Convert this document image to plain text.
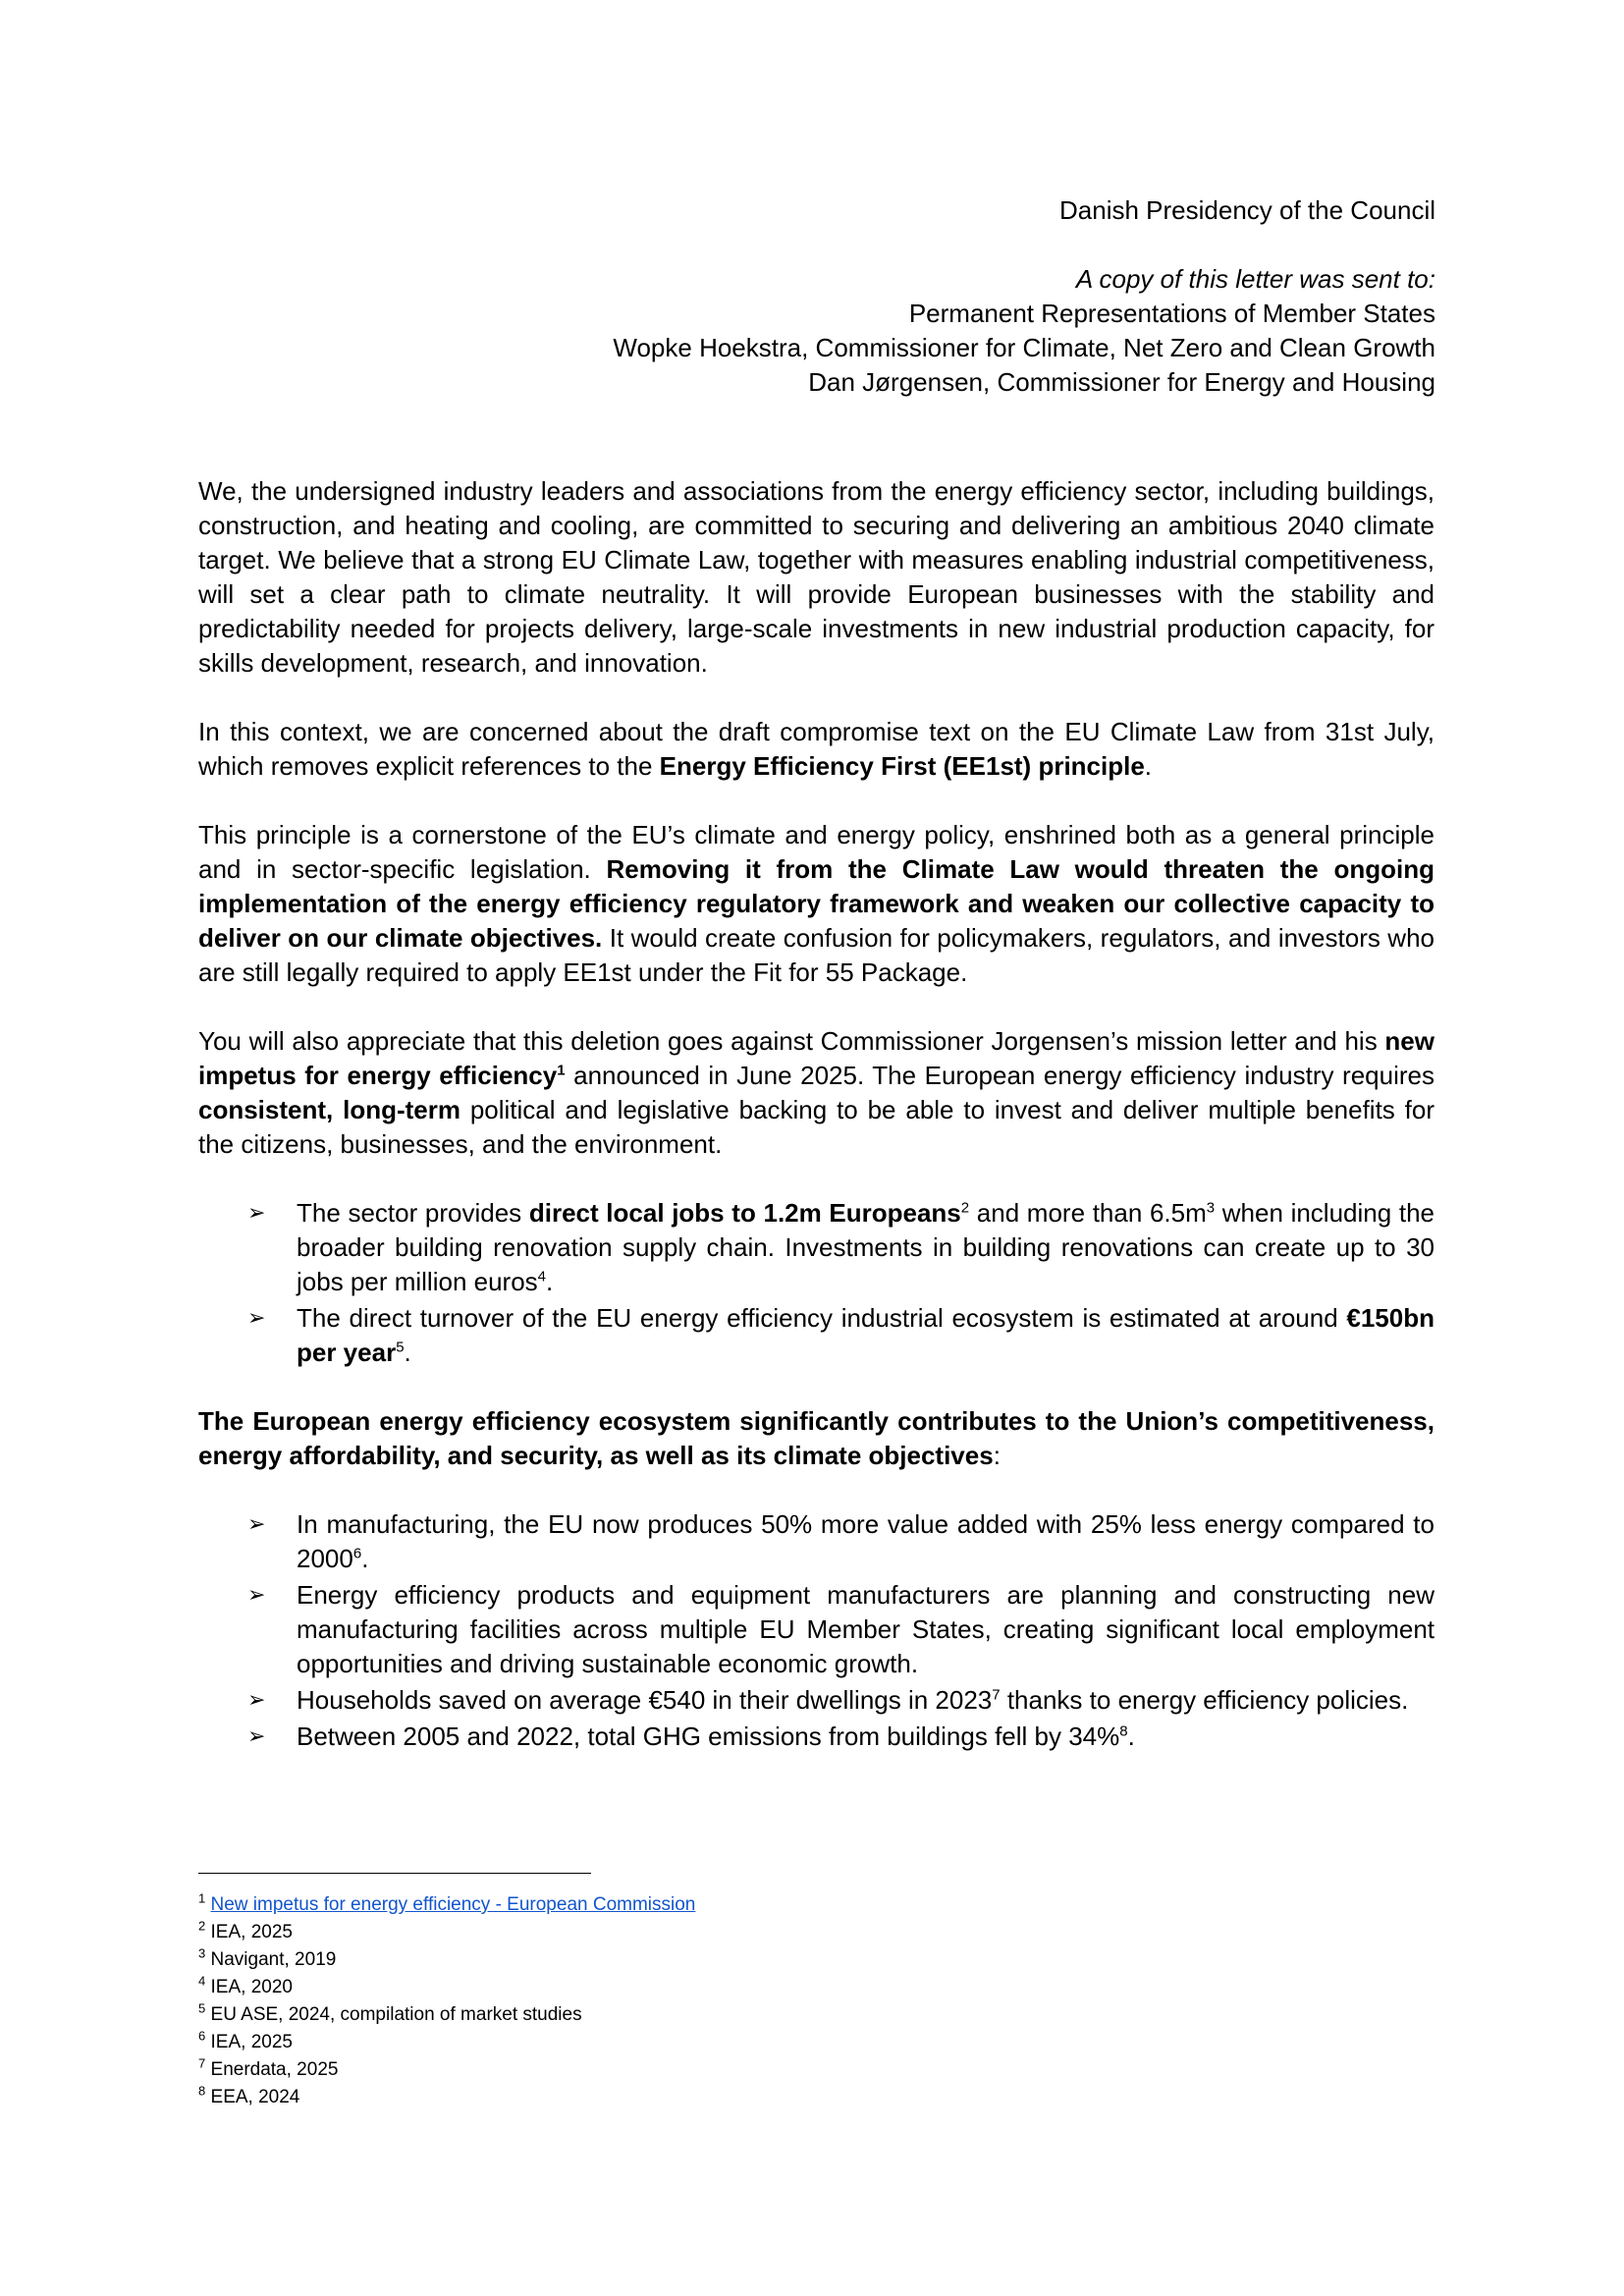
Danish Presidency of the Council

A copy of this letter was sent to:

Permanent Representations of Member States

Wopke Hoekstra, Commissioner for Climate, Net Zero and Clean Growth

Dan Jørgensen, Commissioner for Energy and Housing

We, the undersigned industry leaders and associations from the energy efficiency sector, including buildings, construction, and heating and cooling, are committed to securing and delivering an ambitious 2040 climate target. We believe that a strong EU Climate Law, together with measures enabling industrial competitiveness, will set a clear path to climate neutrality. It will provide European businesses with the stability and predictability needed for projects delivery, large-scale investments in new industrial production capacity, for skills development, research, and innovation.

In this context, we are concerned about the draft compromise text on the EU Climate Law from 31st July, which removes explicit references to the Energy Efficiency First (EE1st) principle.

This principle is a cornerstone of the EU’s climate and energy policy, enshrined both as a general principle and in sector-specific legislation. Removing it from the Climate Law would threaten the ongoing implementation of the energy efficiency regulatory framework and weaken our collective capacity to deliver on our climate objectives. It would create confusion for policymakers, regulators, and investors who are still legally required to apply EE1st under the Fit for 55 Package.

You will also appreciate that this deletion goes against Commissioner Jorgensen’s mission letter and his new impetus for energy efficiency$^1$ announced in June 2025. The European energy efficiency industry requires consistent, long-term political and legislative backing to be able to invest and deliver multiple benefits for the citizens, businesses, and the environment.

➢ The sector provides direct local jobs to 1.2m Europeans$^2$ and more than $6.5m^3$ when including the broader building renovation supply chain. Investments in building renovations can create up to 30 jobs per million euros$^4$.
➢ The direct turnover of the EU energy efficiency industrial ecosystem is estimated at around €150bn per year$^5$.

The European energy efficiency ecosystem significantly contributes to the Union’s competitiveness, energy affordability, and security, as well as its climate objectives:

➢ In manufacturing, the EU now produces 50% more value added with 25% less energy compared to 2000$^6$.
➢ Energy efficiency products and equipment manufacturers are planning and constructing new manufacturing facilities across multiple EU Member States, creating significant local employment opportunities and driving sustainable economic growth.
➢ Households saved on average €540 in their dwellings in 2023$^7$ thanks to energy efficiency policies.
➢ Between 2005 and 2022, total GHG emissions from buildings fell by 34%$^8$.
$^1$ New impetus for energy efficiency - European Commission
$^2$ IEA, 2025
$^3$ Navigant, 2019
$^4$ IEA, 2020
$^5$ EU ASE, 2024, compilation of market studies
$^6$ IEA, 2025
$^7$ Enerdata, 2025
$^8$ EEA, 2024
